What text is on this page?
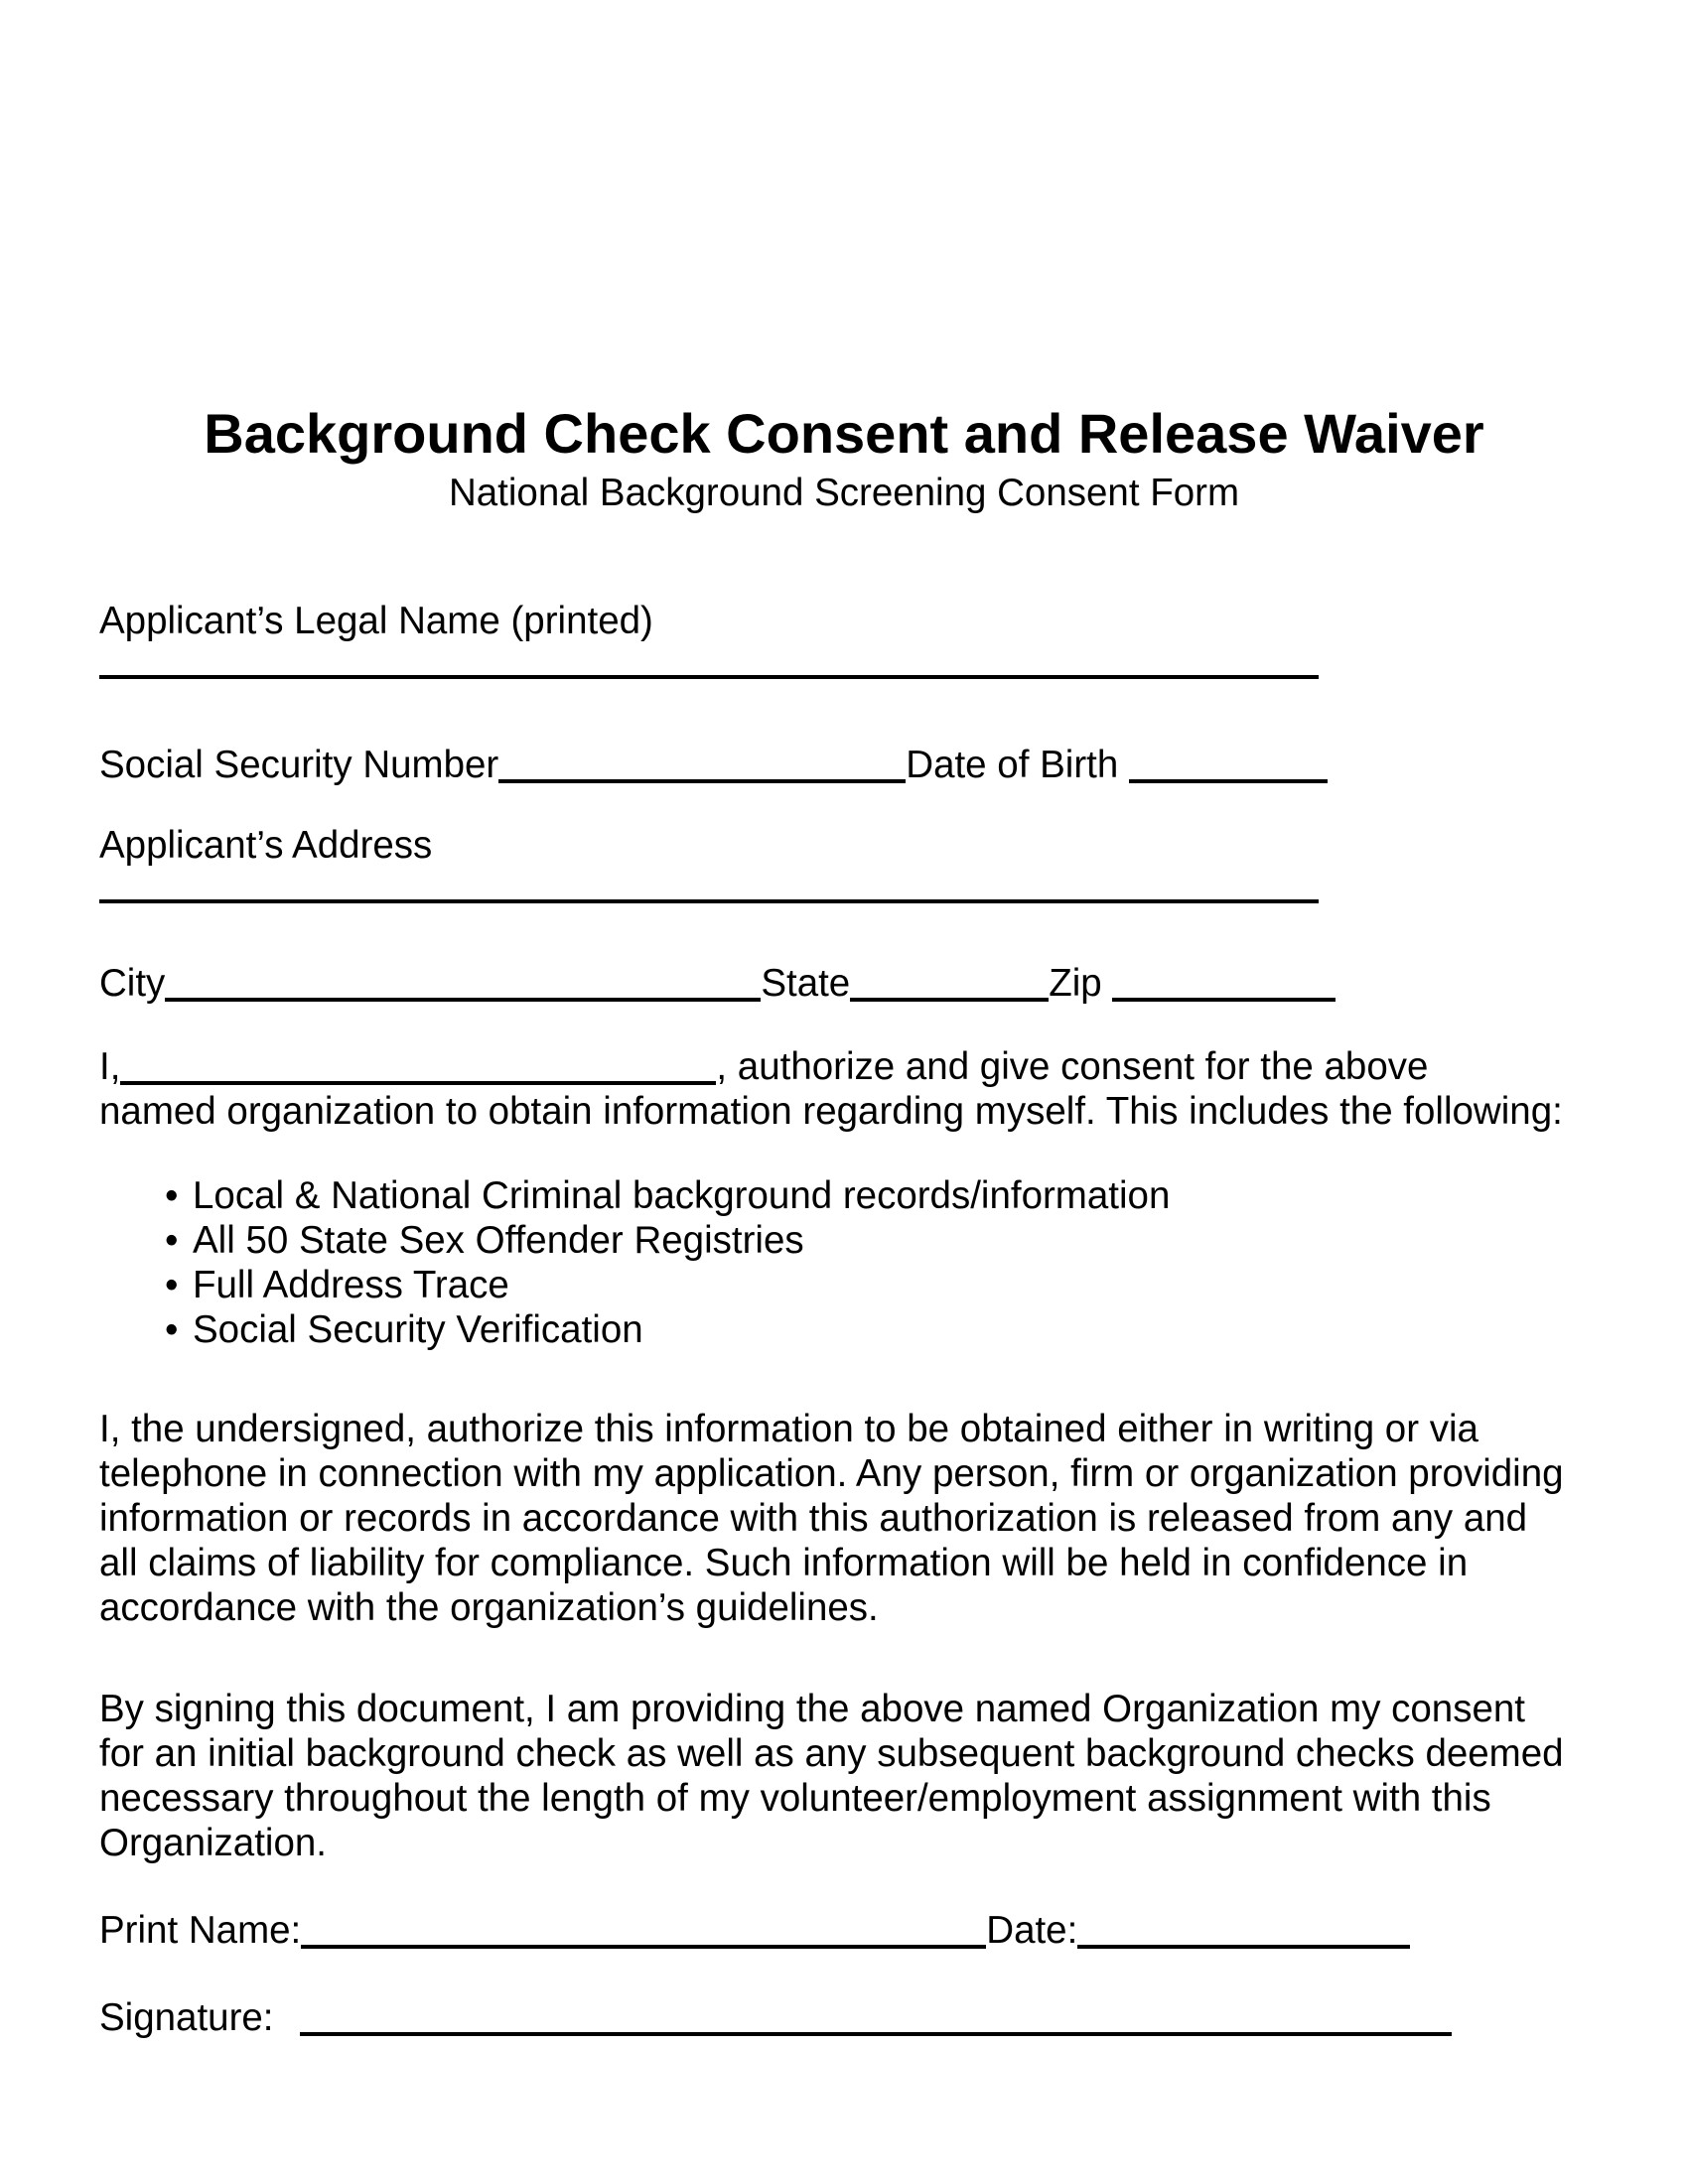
Background Check Consent and Release Waiver
National Background Screening Consent Form
Applicant’s Legal Name (printed)
Social Security Number	Date of Birth
Applicant’s Address
City	State	Zip
I,	, authorize and give consent for the above
named organization to obtain information regarding myself. This includes the following:
• Local & National Criminal background records/information
• All 50 State Sex Offender Registries
• Full Address Trace
• Social Security Verification
I, the undersigned, authorize this information to be obtained either in writing or via
telephone in connection with my application. Any person, firm or organization providing
information or records in accordance with this authorization is released from any and
all claims of liability for compliance. Such information will be held in confidence in
accordance with the organization’s guidelines.
By signing this document, I am providing the above named Organization my consent
for an initial background check as well as any subsequent background checks deemed
necessary throughout the length of my volunteer/employment assignment with this
Organization.
Print Name:	Date:
Signature:
